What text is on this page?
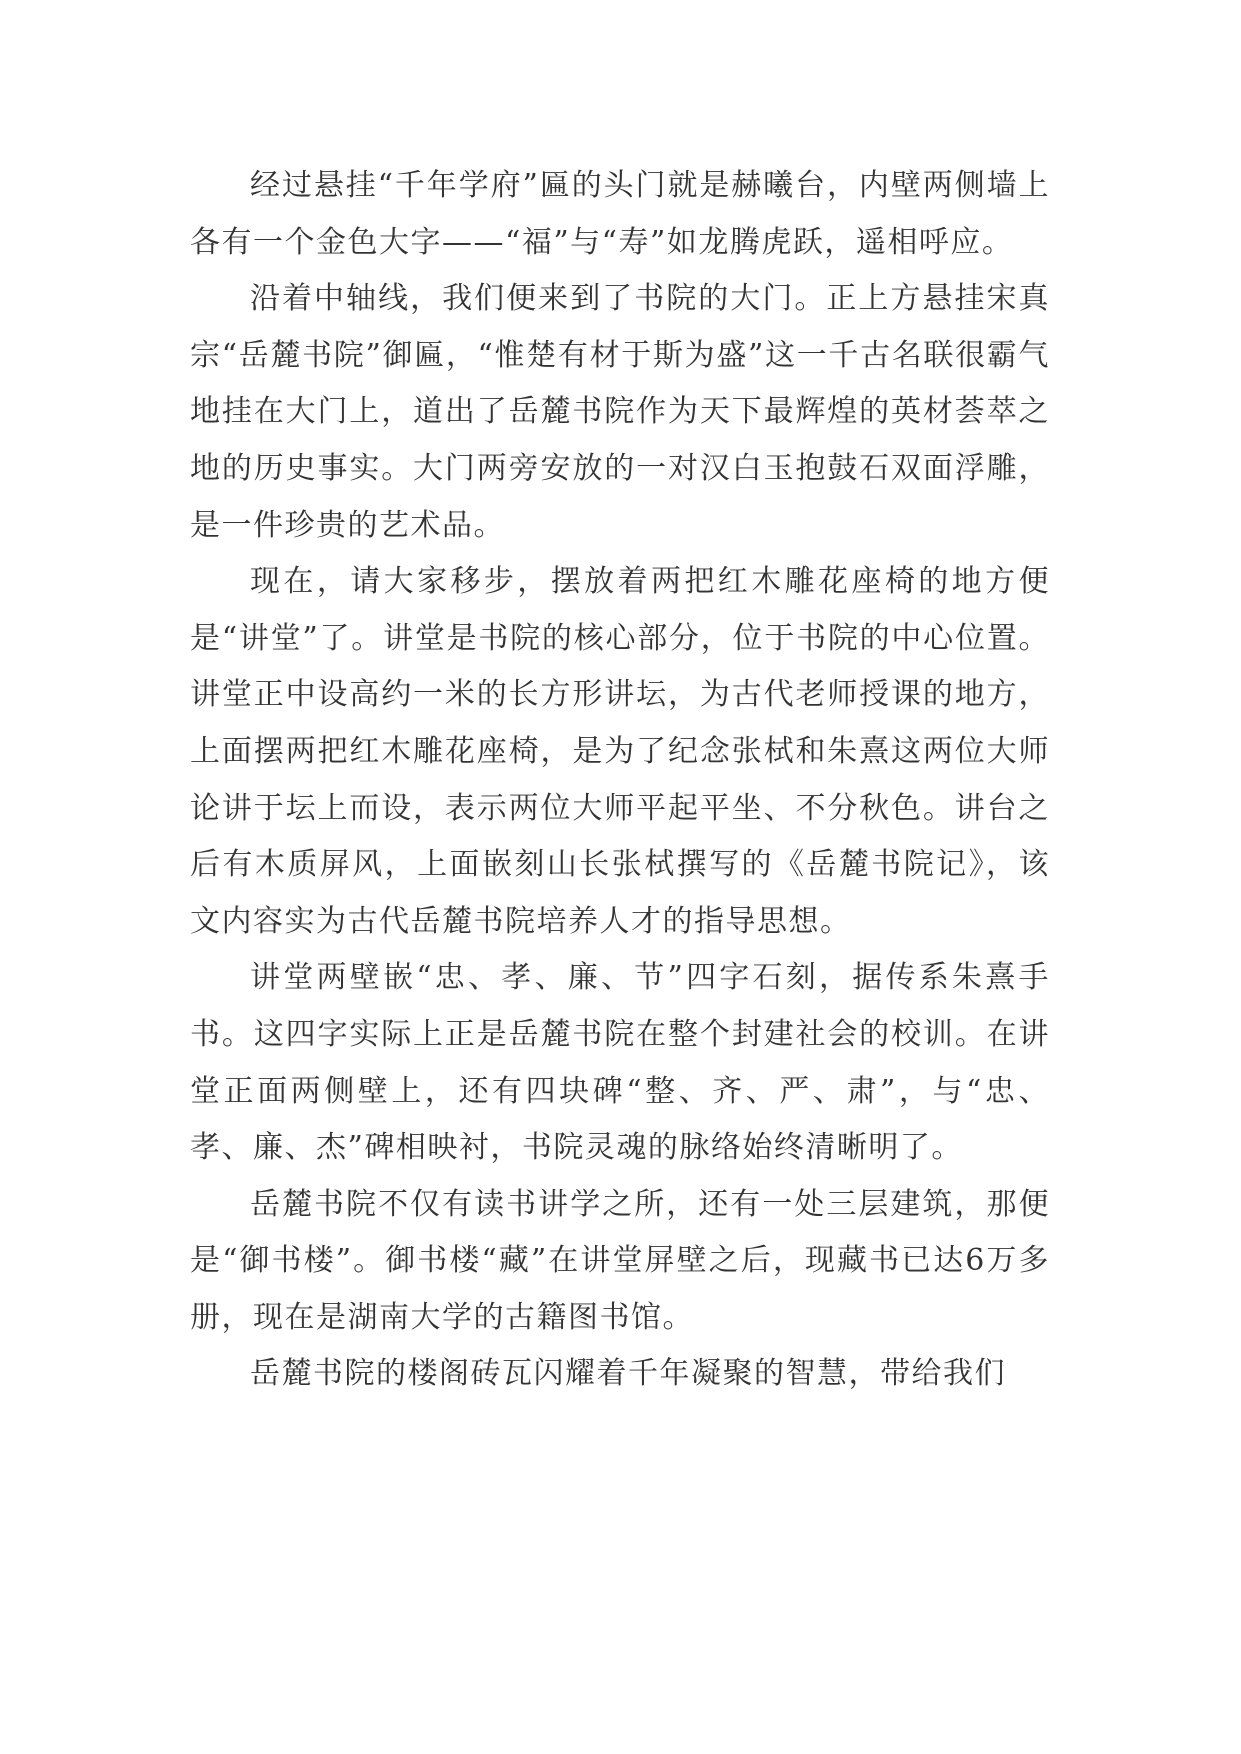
经过悬挂“千年学府”匾的头门就是赫曦台，内壁两侧墙上各有一个金色大字——“福”与“寿”如龙腾虎跃，遥相呼应。

沿着中轴线，我们便来到了书院的大门。正上方悬挂宋真宗“岳麓书院”御匾，“惟楚有材于斯为盛”这一千古名联很霸气地挂在大门上，道出了岳麓书院作为天下最辉煌的英材荟萃之地的历史事实。大门两旁安放的一对汉白玉抱鼓石双面浮雕，是一件珍贵的艺术品。

现在，请大家移步，摆放着两把红木雕花座椅的地方便是“讲堂”了。讲堂是书院的核心部分，位于书院的中心位置。讲堂正中设高约一米的长方形讲坛，为古代老师授课的地方，上面摆两把红木雕花座椅，是为了纪念张栻和朱熹这两位大师论讲于坛上而设，表示两位大师平起平坐、不分秋色。讲台之后有木质屏风，上面嵌刻山长张栻撰写的《岳麓书院记》，该文内容实为古代岳麓书院培养人才的指导思想。

讲堂两壁嵌“忠、孝、廉、节”四字石刻，据传系朱熹手书。这四字实际上正是岳麓书院在整个封建社会的校训。在讲堂正面两侧壁上，还有四块碑“整、齐、严、肃”，与“忠、孝、廉、杰”碑相映衬，书院灵魂的脉络始终清晰明了。

岳麓书院不仅有读书讲学之所，还有一处三层建筑，那便是“御书楼”。御书楼“藏”在讲堂屏壁之后，现藏书已达6万多册，现在是湖南大学的古籍图书馆。

岳麓书院的楼阁砖瓦闪耀着千年凝聚的智慧，带给我们
